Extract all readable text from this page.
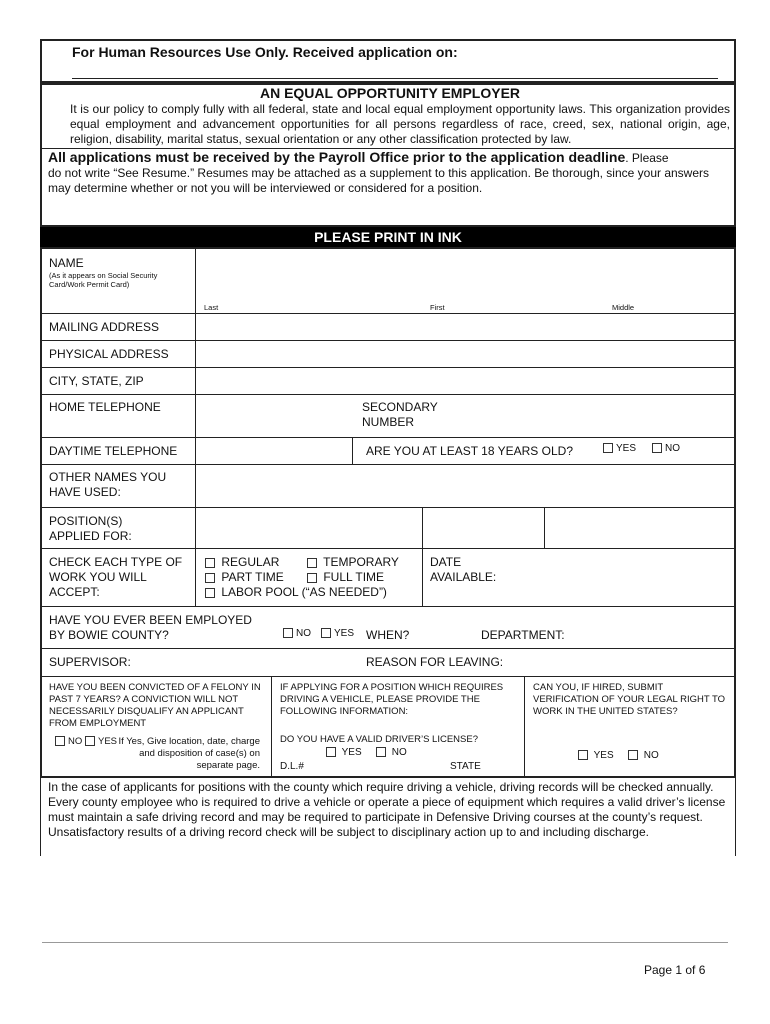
For Human Resources Use Only. Received application on:
AN EQUAL OPPORTUNITY EMPLOYER
It is our policy to comply fully with all federal, state and local equal employment opportunity laws. This organization provides equal employment and advancement opportunities for all persons regardless of race, creed, sex, national origin, age, religion, disability, marital status, sexual orientation or any other classification protected by law.
All applications must be received by the Payroll Office prior to the application deadline. Please
do not write “See Resume.” Resumes may be attached as a supplement to this application. Be thorough, since your answers may determine whether or not you will be interviewed or considered for a position.
PLEASE PRINT IN INK
NAME
(As it appears on Social Security Card/Work Permit Card)
Last	First	Middle
MAILING ADDRESS
PHYSICAL ADDRESS
CITY, STATE, ZIP
HOME TELEPHONE	SECONDARY NUMBER
DAYTIME TELEPHONE	ARE YOU AT LEAST 18 YEARS OLD?	YES	NO
OTHER NAMES YOU HAVE USED:
POSITION(S) APPLIED FOR:
CHECK EACH TYPE OF WORK YOU WILL ACCEPT:
REGULAR	TEMPORARY
PART TIME	FULL TIME
LABOR POOL (“AS NEEDED”)
DATE AVAILABLE:
HAVE YOU EVER BEEN EMPLOYED BY BOWIE COUNTY?	NO	YES WHEN?	DEPARTMENT:
SUPERVISOR:	REASON FOR LEAVING:
HAVE YOU BEEN CONVICTED OF A FELONY IN PAST 7 YEARS? A CONVICTION WILL NOT NECESSARILY DISQUALIFY AN APPLICANT FROM EMPLOYMENT
NO	YES If Yes, Give location, date, charge and disposition of case(s) on separate page.
IF APPLYING FOR A POSITION WHICH REQUIRES DRIVING A VEHICLE, PLEASE PROVIDE THE FOLLOWING INFORMATION:
DO YOU HAVE A VALID DRIVER’S LICENSE?
YES	NO
D.L.#	STATE
CAN YOU, IF HIRED, SUBMIT VERIFICATION OF YOUR LEGAL RIGHT TO WORK IN THE UNITED STATES?
YES	NO
In the case of applicants for positions with the county which require driving a vehicle, driving records will be checked annually. Every county employee who is required to drive a vehicle or operate a piece of equipment which requires a valid driver’s license must maintain a safe driving record and may be required to participate in Defensive Driving courses at the county’s request. Unsatisfactory results of a driving record check will be subject to disciplinary action up to and including discharge.
Page 1 of 6
